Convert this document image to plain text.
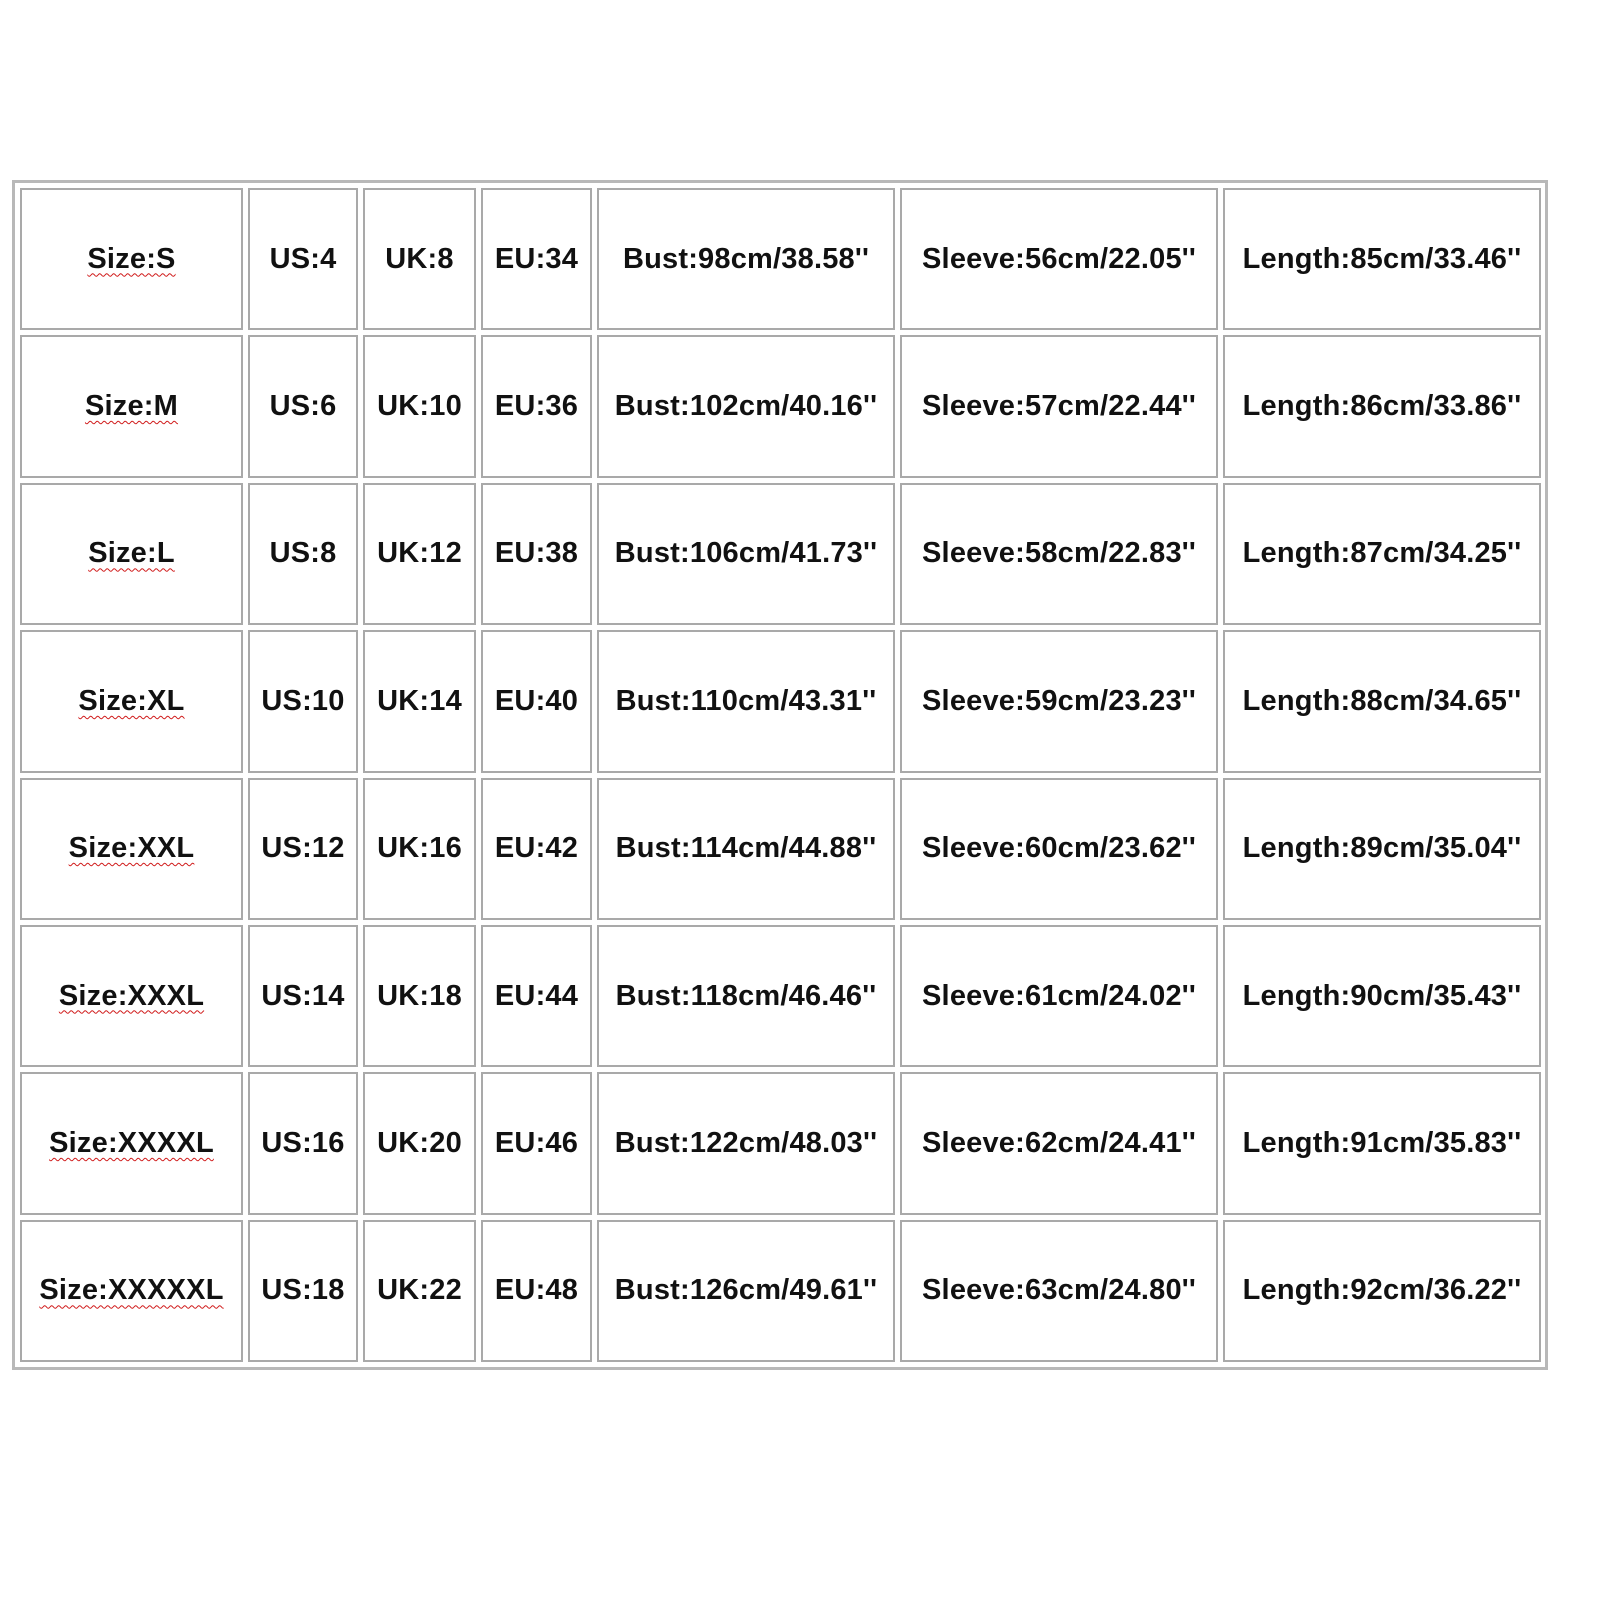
Size:S	US:4	UK:8	EU:34	Bust:98cm/38.58''	Sleeve:56cm/22.05''	Length:85cm/33.46''
Size:M	US:6	UK:10	EU:36	Bust:102cm/40.16''	Sleeve:57cm/22.44''	Length:86cm/33.86''
Size:L	US:8	UK:12	EU:38	Bust:106cm/41.73''	Sleeve:58cm/22.83''	Length:87cm/34.25''
Size:XL	US:10	UK:14	EU:40	Bust:110cm/43.31''	Sleeve:59cm/23.23''	Length:88cm/34.65''
Size:XXL	US:12	UK:16	EU:42	Bust:114cm/44.88''	Sleeve:60cm/23.62''	Length:89cm/35.04''
Size:XXXL	US:14	UK:18	EU:44	Bust:118cm/46.46''	Sleeve:61cm/24.02''	Length:90cm/35.43''
Size:XXXXL	US:16	UK:20	EU:46	Bust:122cm/48.03''	Sleeve:62cm/24.41''	Length:91cm/35.83''
Size:XXXXXL	US:18	UK:22	EU:48	Bust:126cm/49.61''	Sleeve:63cm/24.80''	Length:92cm/36.22''
